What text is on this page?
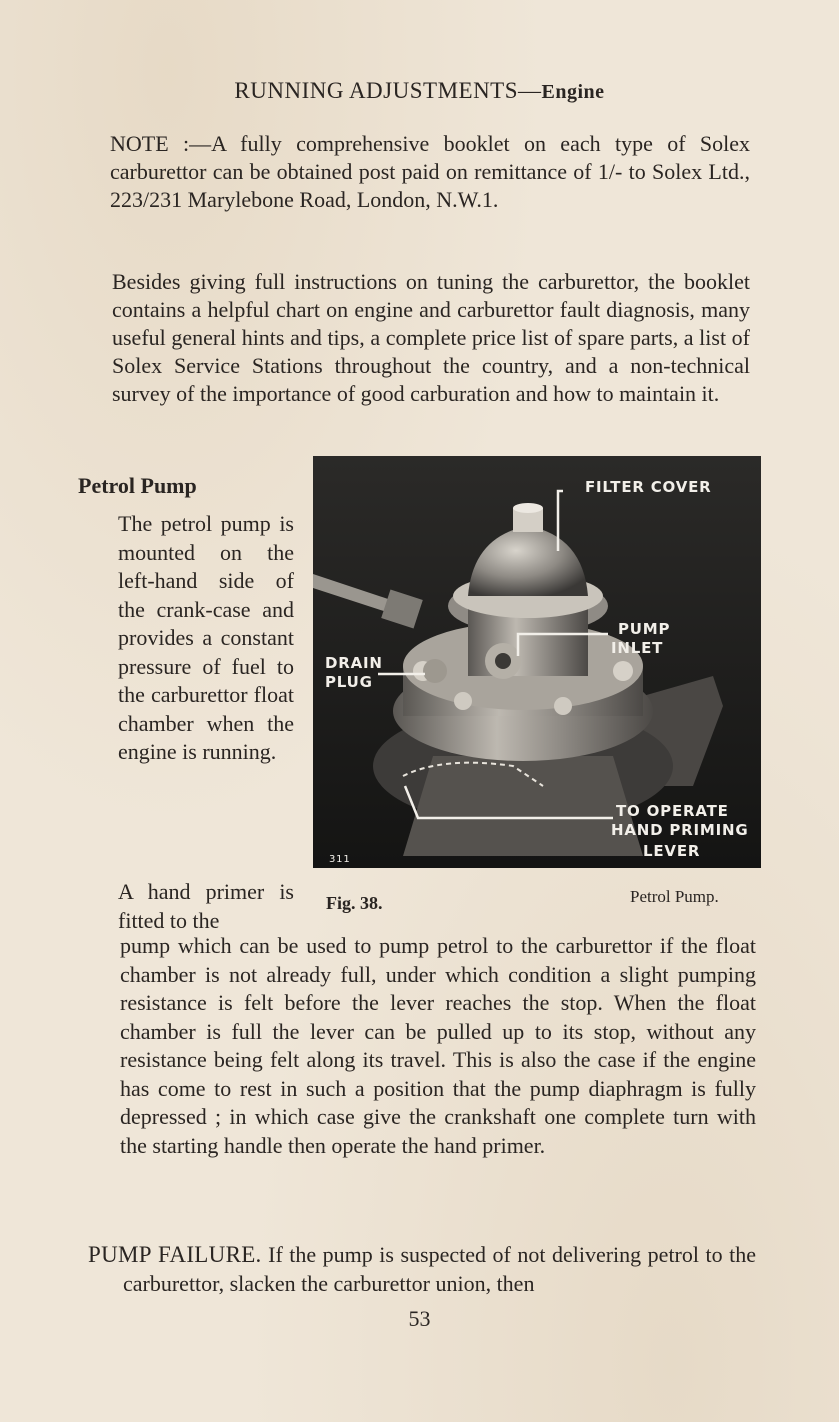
RUNNING ADJUSTMENTS—Engine
NOTE :—A fully comprehensive booklet on each type of Solex carburettor can be obtained post paid on remittance of 1/- to Solex Ltd., 223/231 Marylebone Road, London, N.W.1.
Besides giving full instructions on tuning the carburettor, the booklet contains a helpful chart on engine and carburettor fault diagnosis, many useful general hints and tips, a complete price list of spare parts, a list of Solex Service Stations throughout the country, and a non-technical survey of the importance of good carburation and how to maintain it.
Petrol Pump
The petrol pump is mounted on the left-hand side of the crank-case and provides a constant pressure of fuel to the carburettor float chamber when the engine is running.
FILTER COVER
PUMP
INLET
DRAIN
PLUG
TO OPERATE
HAND PRIMING
LEVER
311
Fig. 38.	Petrol Pump.
A hand primer is fitted to the
pump which can be used to pump petrol to the carburettor if the float chamber is not already full, under which condition a slight pumping resistance is felt before the lever reaches the stop. When the float chamber is full the lever can be pulled up to its stop, without any resistance being felt along its travel. This is also the case if the engine has come to rest in such a position that the pump diaphragm is fully depressed ; in which case give the crankshaft one complete turn with the starting handle then operate the hand primer.
PUMP FAILURE. If the pump is suspected of not delivering petrol to the carburettor, slacken the carburettor union, then
53
